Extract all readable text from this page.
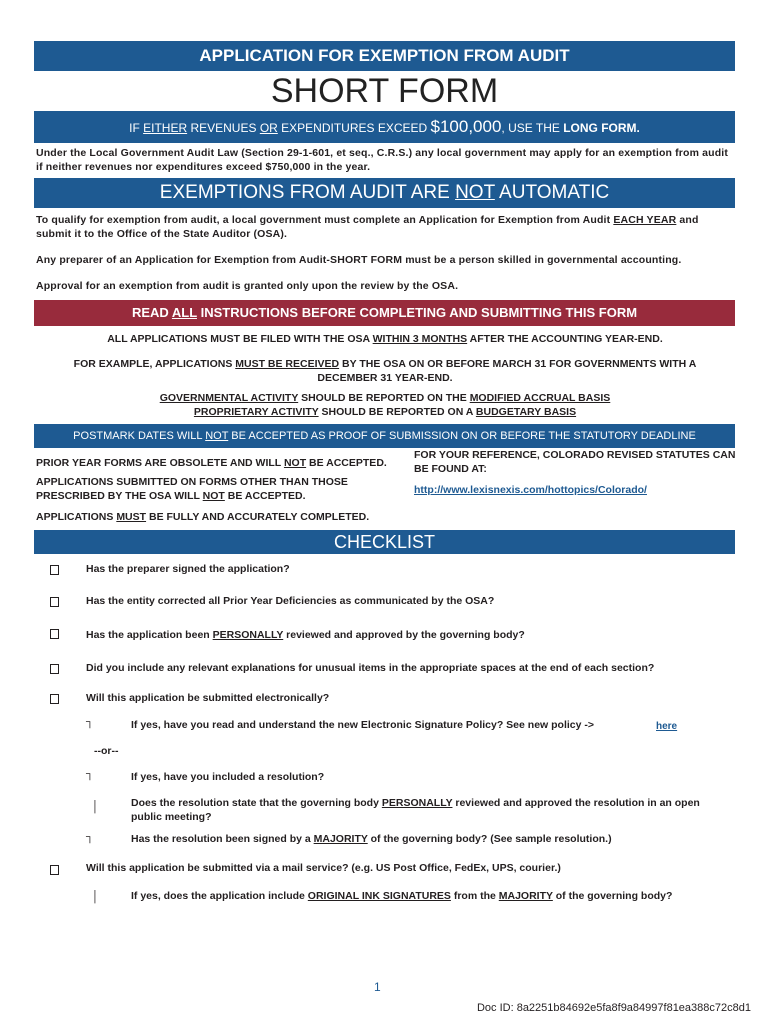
APPLICATION FOR EXEMPTION FROM AUDIT
SHORT FORM
IF EITHER REVENUES OR EXPENDITURES EXCEED $100,000, USE THE LONG FORM.
Under the Local Government Audit Law (Section 29-1-601, et seq., C.R.S.) any local government may apply for an exemption from audit if neither revenues nor expenditures exceed $750,000 in the year.
EXEMPTIONS FROM AUDIT ARE NOT AUTOMATIC
To qualify for exemption from audit, a local government must complete an Application for Exemption from Audit EACH YEAR and submit it to the Office of the State Auditor (OSA).
Any preparer of an Application for Exemption from Audit-SHORT FORM must be a person skilled in governmental accounting.
Approval for an exemption from audit is granted only upon the review by the OSA.
READ ALL INSTRUCTIONS BEFORE COMPLETING AND SUBMITTING THIS FORM
ALL APPLICATIONS MUST BE FILED WITH THE OSA WITHIN 3 MONTHS AFTER THE ACCOUNTING YEAR-END.
FOR EXAMPLE, APPLICATIONS MUST BE RECEIVED BY THE OSA ON OR BEFORE MARCH 31 FOR GOVERNMENTS WITH A DECEMBER 31 YEAR-END.
GOVERNMENTAL ACTIVITY SHOULD BE REPORTED ON THE MODIFIED ACCRUAL BASIS
PROPRIETARY ACTIVITY SHOULD BE REPORTED ON A BUDGETARY BASIS
POSTMARK DATES WILL NOT BE ACCEPTED AS PROOF OF SUBMISSION ON OR BEFORE THE STATUTORY DEADLINE
PRIOR YEAR FORMS ARE OBSOLETE AND WILL NOT BE ACCEPTED.
APPLICATIONS SUBMITTED ON FORMS OTHER THAN THOSE PRESCRIBED BY THE OSA WILL NOT BE ACCEPTED.
FOR YOUR REFERENCE, COLORADO REVISED STATUTES CAN BE FOUND AT:
http://www.lexisnexis.com/hottopics/Colorado/
APPLICATIONS MUST BE FULLY AND ACCURATELY COMPLETED.
CHECKLIST
Has the preparer signed the application?
Has the entity corrected all Prior Year Deficiencies as communicated by the OSA?
Has the application been PERSONALLY reviewed and approved by the governing body?
Did you include any relevant explanations for unusual items in the appropriate spaces at the end of each section?
Will this application be submitted electronically?
┐	If yes, have you read and understand the new Electronic Signature Policy? See new policy ->	here
--or--
┐	If yes, have you included a resolution?
│	Does the resolution state that the governing body PERSONALLY reviewed and approved the resolution in an open public meeting?
┐	Has the resolution been signed by a MAJORITY of the governing body? (See sample resolution.)
Will this application be submitted via a mail service? (e.g. US Post Office, FedEx, UPS, courier.)
│	If yes, does the application include ORIGINAL INK SIGNATURES from the MAJORITY of the governing body?
1
Doc ID: 8a2251b84692e5fa8f9a84997f81ea388c72c8d1
